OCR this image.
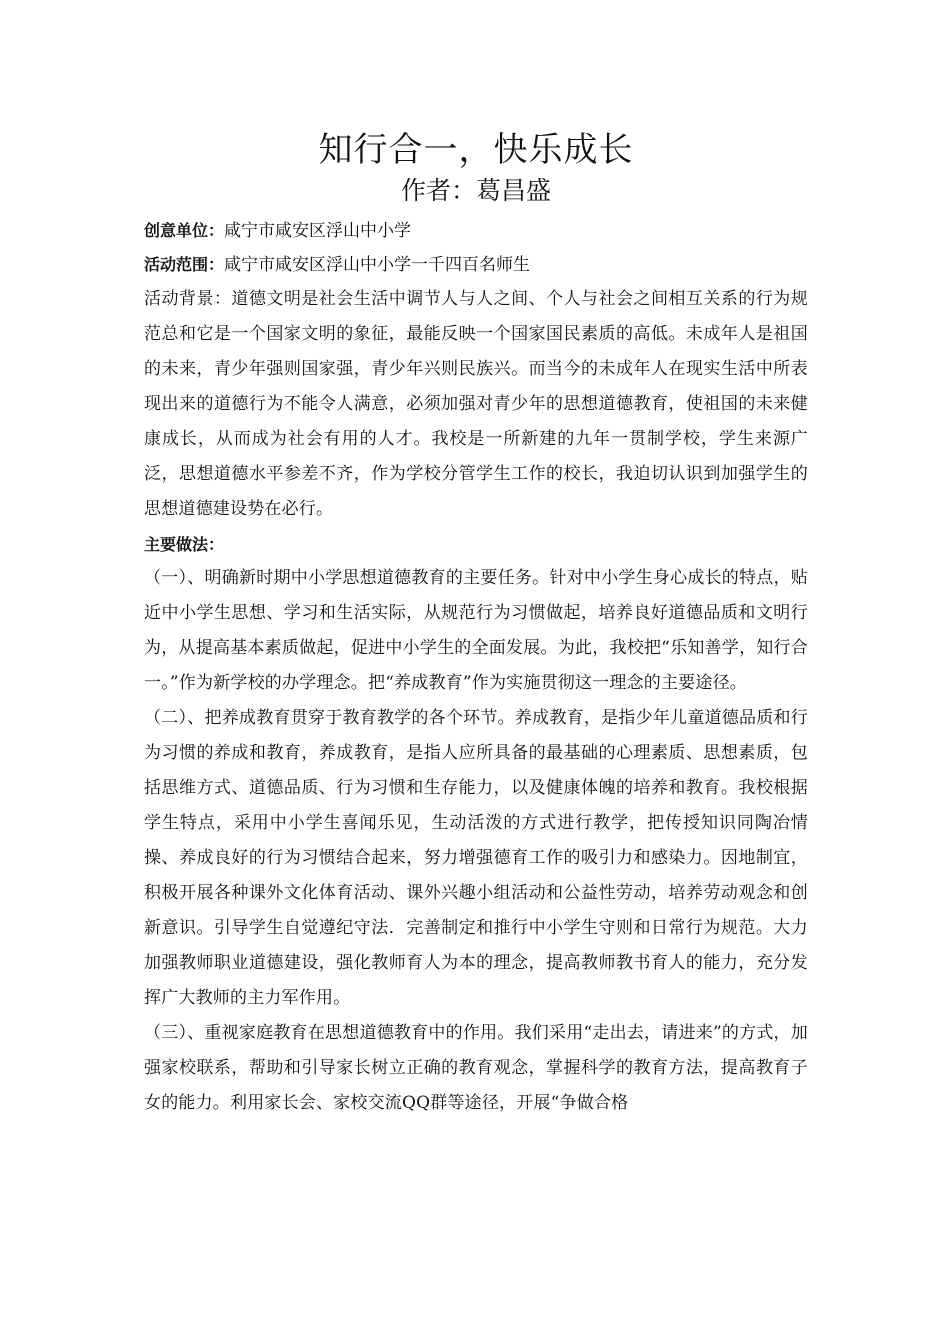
知行合一，快乐成长
作者：葛昌盛

创意单位：咸宁市咸安区浮山中小学

活动范围：咸宁市咸安区浮山中小学一千四百名师生

活动背景：道德文明是社会生活中调节人与人之间、个人与社会之间相互关系的行为规范总和它是一个国家文明的象征，最能反映一个国家国民素质的高低。未成年人是祖国的未来，青少年强则国家强，青少年兴则民族兴。而当今的未成年人在现实生活中所表现出来的道德行为不能令人满意，必须加强对青少年的思想道德教育，使祖国的未来健康成长，从而成为社会有用的人才。我校是一所新建的九年一贯制学校，学生来源广泛，思想道德水平参差不齐，作为学校分管学生工作的校长，我迫切认识到加强学生的思想道德建设势在必行。

主要做法：

（一）、明确新时期中小学思想道德教育的主要任务。针对中小学生身心成长的特点，贴近中小学生思想、学习和生活实际，从规范行为习惯做起，培养良好道德品质和文明行为，从提高基本素质做起，促进中小学生的全面发展。为此，我校把“乐知善学，知行合一。”作为新学校的办学理念。把“养成教育”作为实施贯彻这一理念的主要途径。

（二）、把养成教育贯穿于教育教学的各个环节。养成教育，是指少年儿童道德品质和行为习惯的养成和教育，养成教育，是指人应所具备的最基础的心理素质、思想素质，包括思维方式、道德品质、行为习惯和生存能力，以及健康体魄的培养和教育。我校根据学生特点，采用中小学生喜闻乐见，生动活泼的方式进行教学，把传授知识同陶冶情操、养成良好的行为习惯结合起来，努力增强德育工作的吸引力和感染力。因地制宜，积极开展各种课外文化体育活动、课外兴趣小组活动和公益性劳动，培养劳动观念和创新意识。引导学生自觉遵纪守法．完善制定和推行中小学生守则和日常行为规范。大力加强教师职业道德建设，强化教师育人为本的理念，提高教师教书育人的能力，充分发挥广大教师的主力军作用。

（三）、重视家庭教育在思想道德教育中的作用。我们采用“走出去，请进来”的方式，加强家校联系，帮助和引导家长树立正确的教育观念，掌握科学的教育方法，提高教育子女的能力。利用家长会、家校交流QQ群等途径，开展“争做合格
